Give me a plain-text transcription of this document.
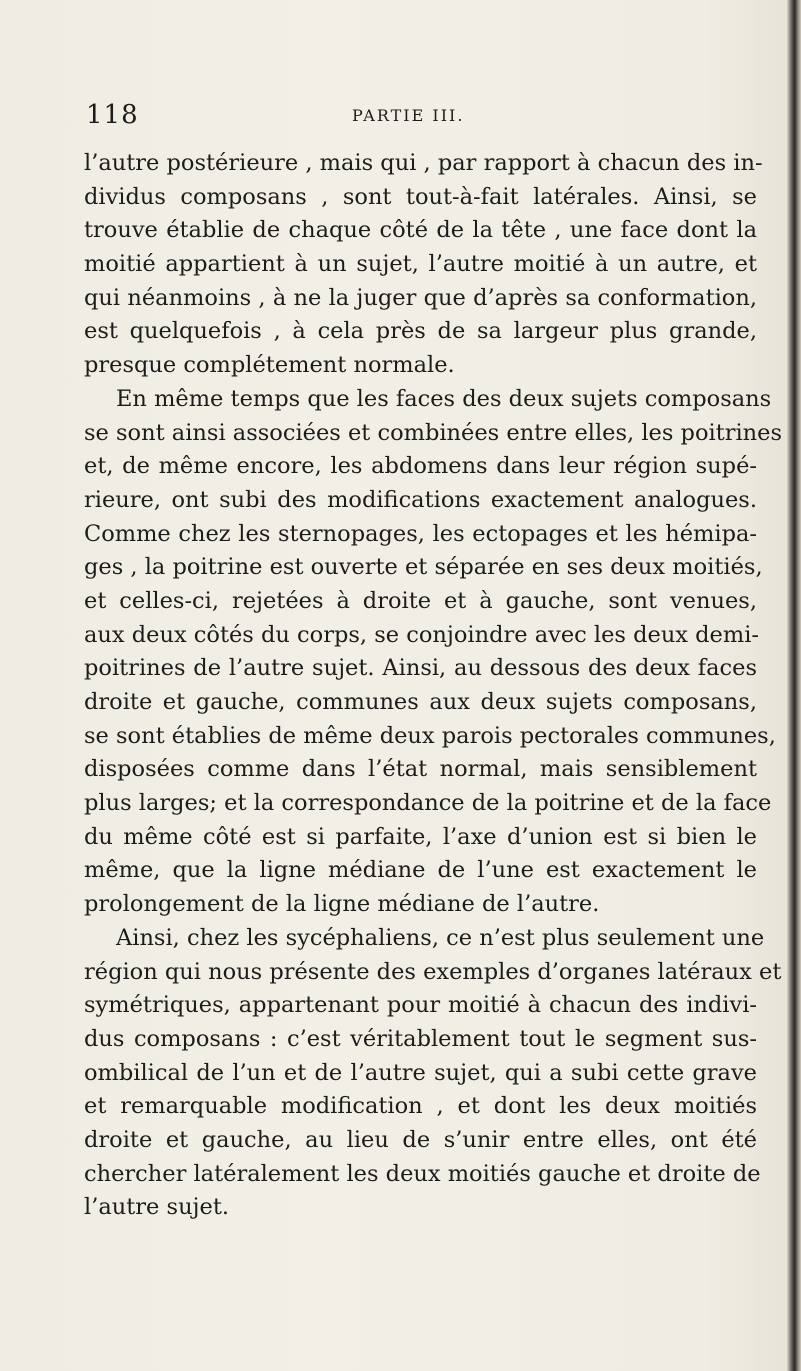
118	PARTIE III.
l’autre postérieure , mais qui , par rapport à chacun des in-
dividus composans , sont tout-à-fait latérales. Ainsi, se
trouve établie de chaque côté de la tête , une face dont la
moitié appartient à un sujet, l’autre moitié à un autre, et
qui néanmoins , à ne la juger que d’après sa conformation,
est quelquefois , à cela près de sa largeur plus grande,
presque complétement normale.
En même temps que les faces des deux sujets composans
se sont ainsi associées et combinées entre elles, les poitrines
et, de même encore, les abdomens dans leur région supé-
rieure, ont subi des modifications exactement analogues.
Comme chez les sternopages, les ectopages et les hémipa-
ges , la poitrine est ouverte et séparée en ses deux moitiés,
et celles-ci, rejetées à droite et à gauche, sont venues,
aux deux côtés du corps, se conjoindre avec les deux demi-
poitrines de l’autre sujet. Ainsi, au dessous des deux faces
droite et gauche, communes aux deux sujets composans,
se sont établies de même deux parois pectorales communes,
disposées comme dans l’état normal, mais sensiblement
plus larges; et la correspondance de la poitrine et de la face
du même côté est si parfaite, l’axe d’union est si bien le
même, que la ligne médiane de l’une est exactement le
prolongement de la ligne médiane de l’autre.
Ainsi, chez les sycéphaliens, ce n’est plus seulement une
région qui nous présente des exemples d’organes latéraux et
symétriques, appartenant pour moitié à chacun des indivi-
dus composans : c’est véritablement tout le segment sus-
ombilical de l’un et de l’autre sujet, qui a subi cette grave
et remarquable modification , et dont les deux moitiés
droite et gauche, au lieu de s’unir entre elles, ont été
chercher latéralement les deux moitiés gauche et droite de
l’autre sujet.
